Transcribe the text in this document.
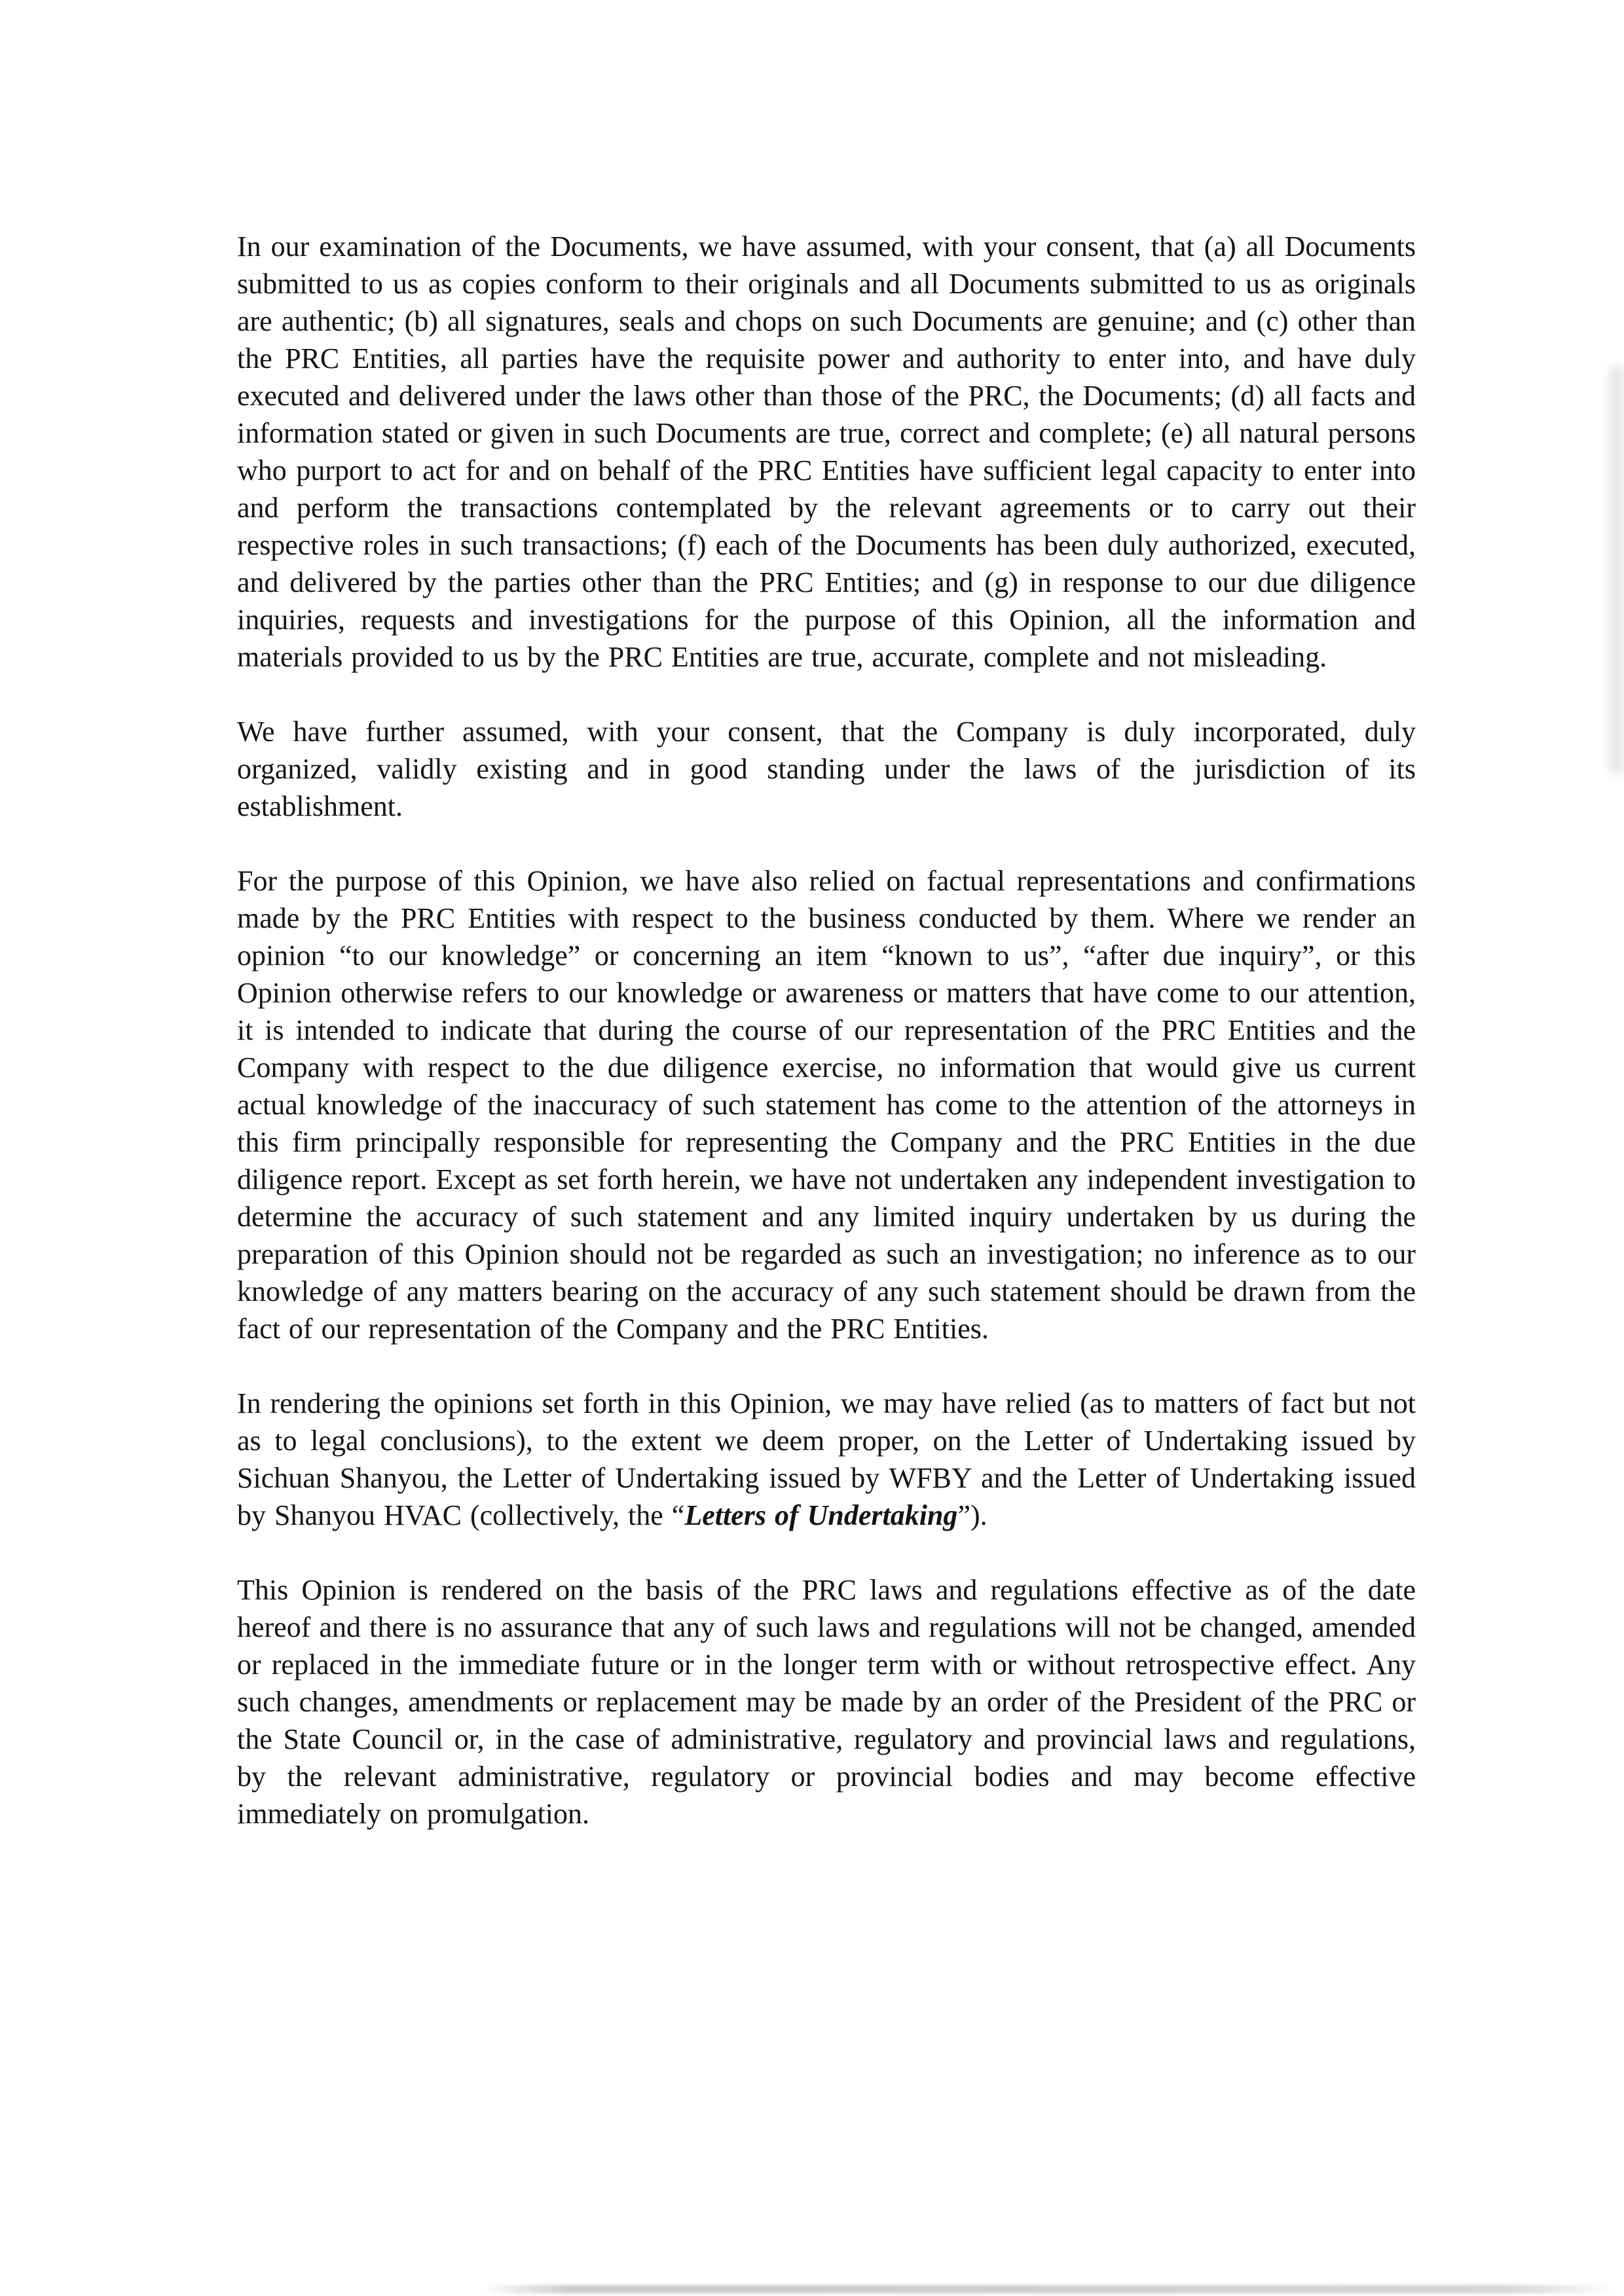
In our examination of the Documents, we have assumed, with your consent, that (a) all Documents submitted to us as copies conform to their originals and all Documents submitted to us as originals are authentic; (b) all signatures, seals and chops on such Documents are genuine; and (c) other than the PRC Entities, all parties have the requisite power and authority to enter into, and have duly executed and delivered under the laws other than those of the PRC, the Documents; (d) all facts and information stated or given in such Documents are true, correct and complete; (e) all natural persons who purport to act for and on behalf of the PRC Entities have sufficient legal capacity to enter into and perform the transactions contemplated by the relevant agreements or to carry out their respective roles in such transactions; (f) each of the Documents has been duly authorized, executed, and delivered by the parties other than the PRC Entities; and (g) in response to our due diligence inquiries, requests and investigations for the purpose of this Opinion, all the information and materials provided to us by the PRC Entities are true, accurate, complete and not misleading.

We have further assumed, with your consent, that the Company is duly incorporated, duly organized, validly existing and in good standing under the laws of the jurisdiction of its establishment.

For the purpose of this Opinion, we have also relied on factual representations and confirmations made by the PRC Entities with respect to the business conducted by them. Where we render an opinion “to our knowledge” or concerning an item “known to us”, “after due inquiry”, or this Opinion otherwise refers to our knowledge or awareness or matters that have come to our attention, it is intended to indicate that during the course of our representation of the PRC Entities and the Company with respect to the due diligence exercise, no information that would give us current actual knowledge of the inaccuracy of such statement has come to the attention of the attorneys in this firm principally responsible for representing the Company and the PRC Entities in the due diligence report. Except as set forth herein, we have not undertaken any independent investigation to determine the accuracy of such statement and any limited inquiry undertaken by us during the preparation of this Opinion should not be regarded as such an investigation; no inference as to our knowledge of any matters bearing on the accuracy of any such statement should be drawn from the fact of our representation of the Company and the PRC Entities.

In rendering the opinions set forth in this Opinion, we may have relied (as to matters of fact but not as to legal conclusions), to the extent we deem proper, on the Letter of Undertaking issued by Sichuan Shanyou, the Letter of Undertaking issued by WFBY and the Letter of Undertaking issued by Shanyou HVAC (collectively, the “Letters of Undertaking”).

This Opinion is rendered on the basis of the PRC laws and regulations effective as of the date hereof and there is no assurance that any of such laws and regulations will not be changed, amended or replaced in the immediate future or in the longer term with or without retrospective effect. Any such changes, amendments or replacement may be made by an order of the President of the PRC or the State Council or, in the case of administrative, regulatory and provincial laws and regulations, by the relevant administrative, regulatory or provincial bodies and may become effective immediately on promulgation.
